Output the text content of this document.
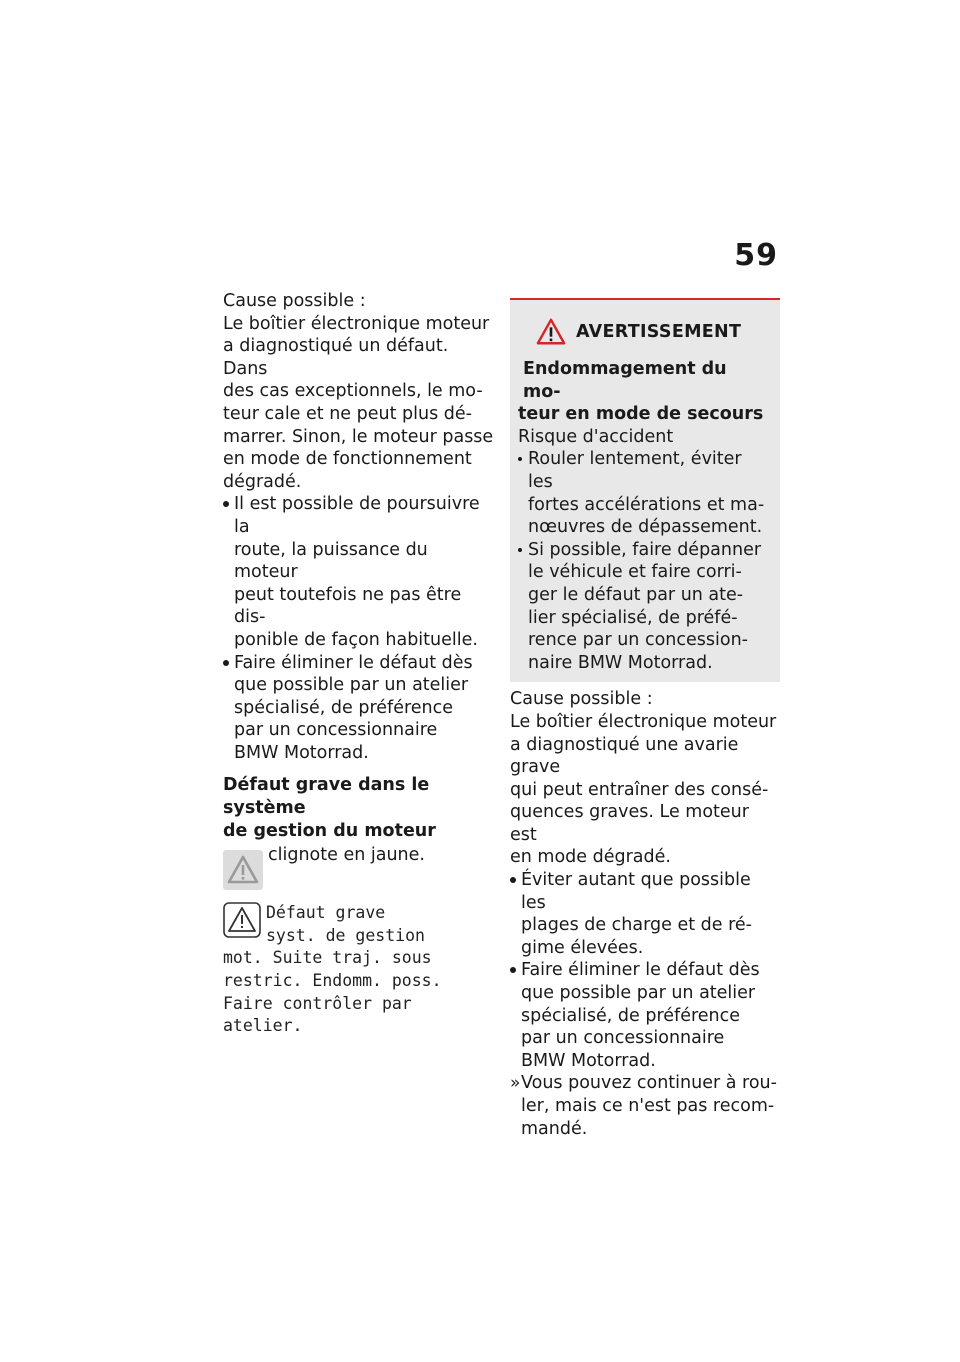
59
Cause possible :
Le boîtier électronique moteur
a diagnostiqué un défaut. Dans
des cas exceptionnels, le mo-
teur cale et ne peut plus dé-
marrer. Sinon, le moteur passe
en mode de fonctionnement
dégradé.
Il est possible de poursuivre la
route, la puissance du moteur
peut toutefois ne pas être dis-
ponible de façon habituelle.
Faire éliminer le défaut dès
que possible par un atelier
spécialisé, de préférence
par un concessionnaire
BMW Motorrad.
Défaut grave dans le système
de gestion du moteur
clignote en jaune.
Défaut grave
syst. de gestion
mot. Suite traj. sous
restric. Endomm. poss.
Faire contrôler par
atelier.
AVERTISSEMENT
Endommagement du mo-
teur en mode de secours
Risque d'accident
Rouler lentement, éviter les
fortes accélérations et ma-
nœuvres de dépassement.
Si possible, faire dépanner
le véhicule et faire corri-
ger le défaut par un ate-
lier spécialisé, de préfé-
rence par un concession-
naire BMW Motorrad.
Cause possible :
Le boîtier électronique moteur
a diagnostiqué une avarie grave
qui peut entraîner des consé-
quences graves. Le moteur est
en mode dégradé.
Éviter autant que possible les
plages de charge et de ré-
gime élevées.
Faire éliminer le défaut dès
que possible par un atelier
spécialisé, de préférence
par un concessionnaire
BMW Motorrad.
» Vous pouvez continuer à rou-
ler, mais ce n'est pas recom-
mandé.
